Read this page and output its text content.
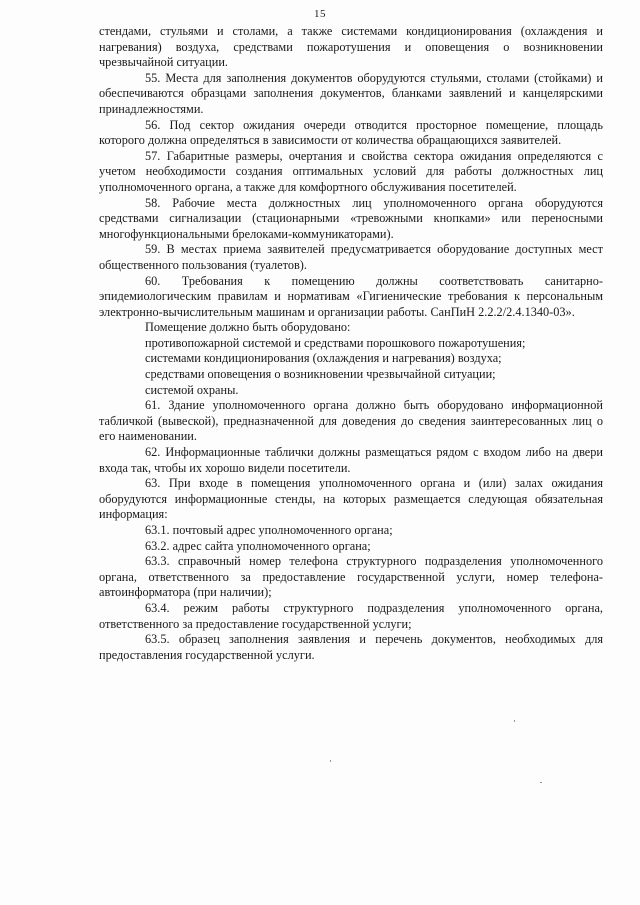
15

стендами, стульями и столами, а также системами кондиционирования (охлаждения и нагревания) воздуха, средствами пожаротушения и оповещения о возникновении чрезвычайной ситуации.

55. Места для заполнения документов оборудуются стульями, столами (стойками) и обеспечиваются образцами заполнения документов, бланками заявлений и канцелярскими принадлежностями.

56. Под сектор ожидания очереди отводится просторное помещение, площадь которого должна определяться в зависимости от количества обращающихся заявителей.

57. Габаритные размеры, очертания и свойства сектора ожидания определяются с учетом необходимости создания оптимальных условий для работы должностных лиц уполномоченного органа, а также для комфортного обслуживания посетителей.

58. Рабочие места должностных лиц уполномоченного органа оборудуются средствами сигнализации (стационарными «тревожными кнопками» или переносными многофункциональными брелоками-коммуникаторами).

59. В местах приема заявителей предусматривается оборудование доступных мест общественного пользования (туалетов).

60. Требования к помещению должны соответствовать санитарно-эпидемиологическим правилам и нормативам «Гигиенические требования к персональным электронно-вычислительным машинам и организации работы. СанПиН 2.2.2/2.4.1340-03».

Помещение должно быть оборудовано:

противопожарной системой и средствами порошкового пожаротушения;

системами кондиционирования (охлаждения и нагревания) воздуха;

средствами оповещения о возникновении чрезвычайной ситуации;

системой охраны.

61. Здание уполномоченного органа должно быть оборудовано информационной табличкой (вывеской), предназначенной для доведения до сведения заинтересованных лиц о его наименовании.

62. Информационные таблички должны размещаться рядом с входом либо на двери входа так, чтобы их хорошо видели посетители.

63. При входе в помещения уполномоченного органа и (или) залах ожидания оборудуются информационные стенды, на которых размещается следующая обязательная информация:

63.1. почтовый адрес уполномоченного органа;

63.2. адрес сайта уполномоченного органа;

63.3. справочный номер телефона структурного подразделения уполномоченного органа, ответственного за предоставление государственной услуги, номер телефона-автоинформатора (при наличии);

63.4. режим работы структурного подразделения уполномоченного органа, ответственного за предоставление государственной услуги;

63.5. образец заполнения заявления и перечень документов, необходимых для предоставления государственной услуги.
